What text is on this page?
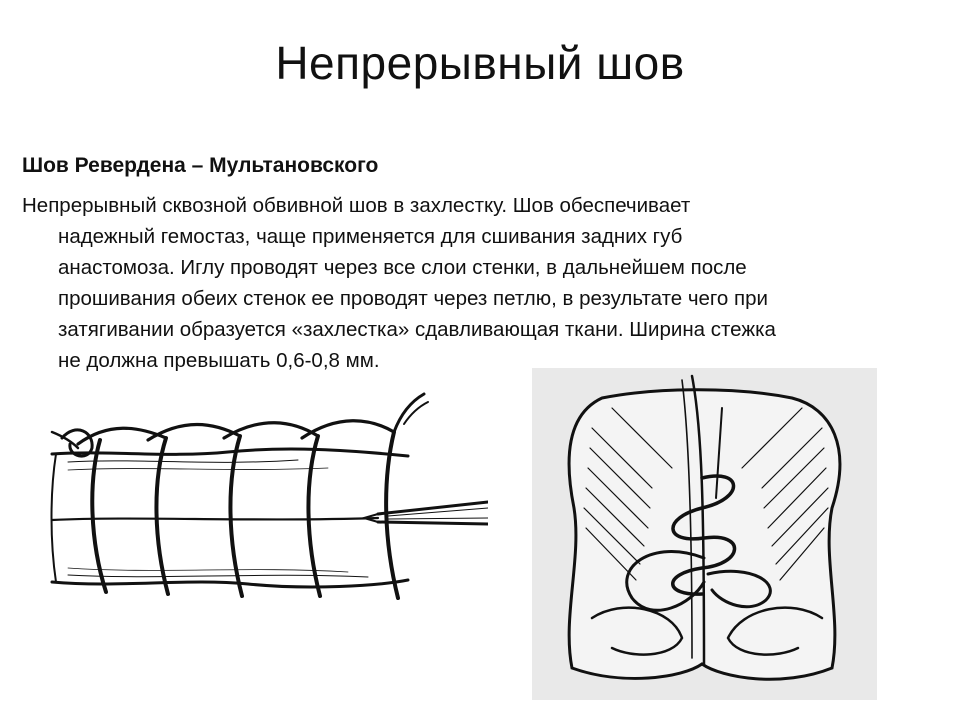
Непрерывный шов
Шов Ревердена – Мультановского
Непрерывный сквозной обвивной шов в захлестку. Шов обеспечивает
надежный гемостаз, чаще применяется для сшивания задних губ
анастомоза. Иглу проводят через все слои стенки, в дальнейшем после
прошивания обеих стенок ее проводят через петлю, в результате чего при
затягивании образуется «захлестка» сдавливающая ткани. Ширина стежка
не должна превышать 0,6-0,8 мм.
